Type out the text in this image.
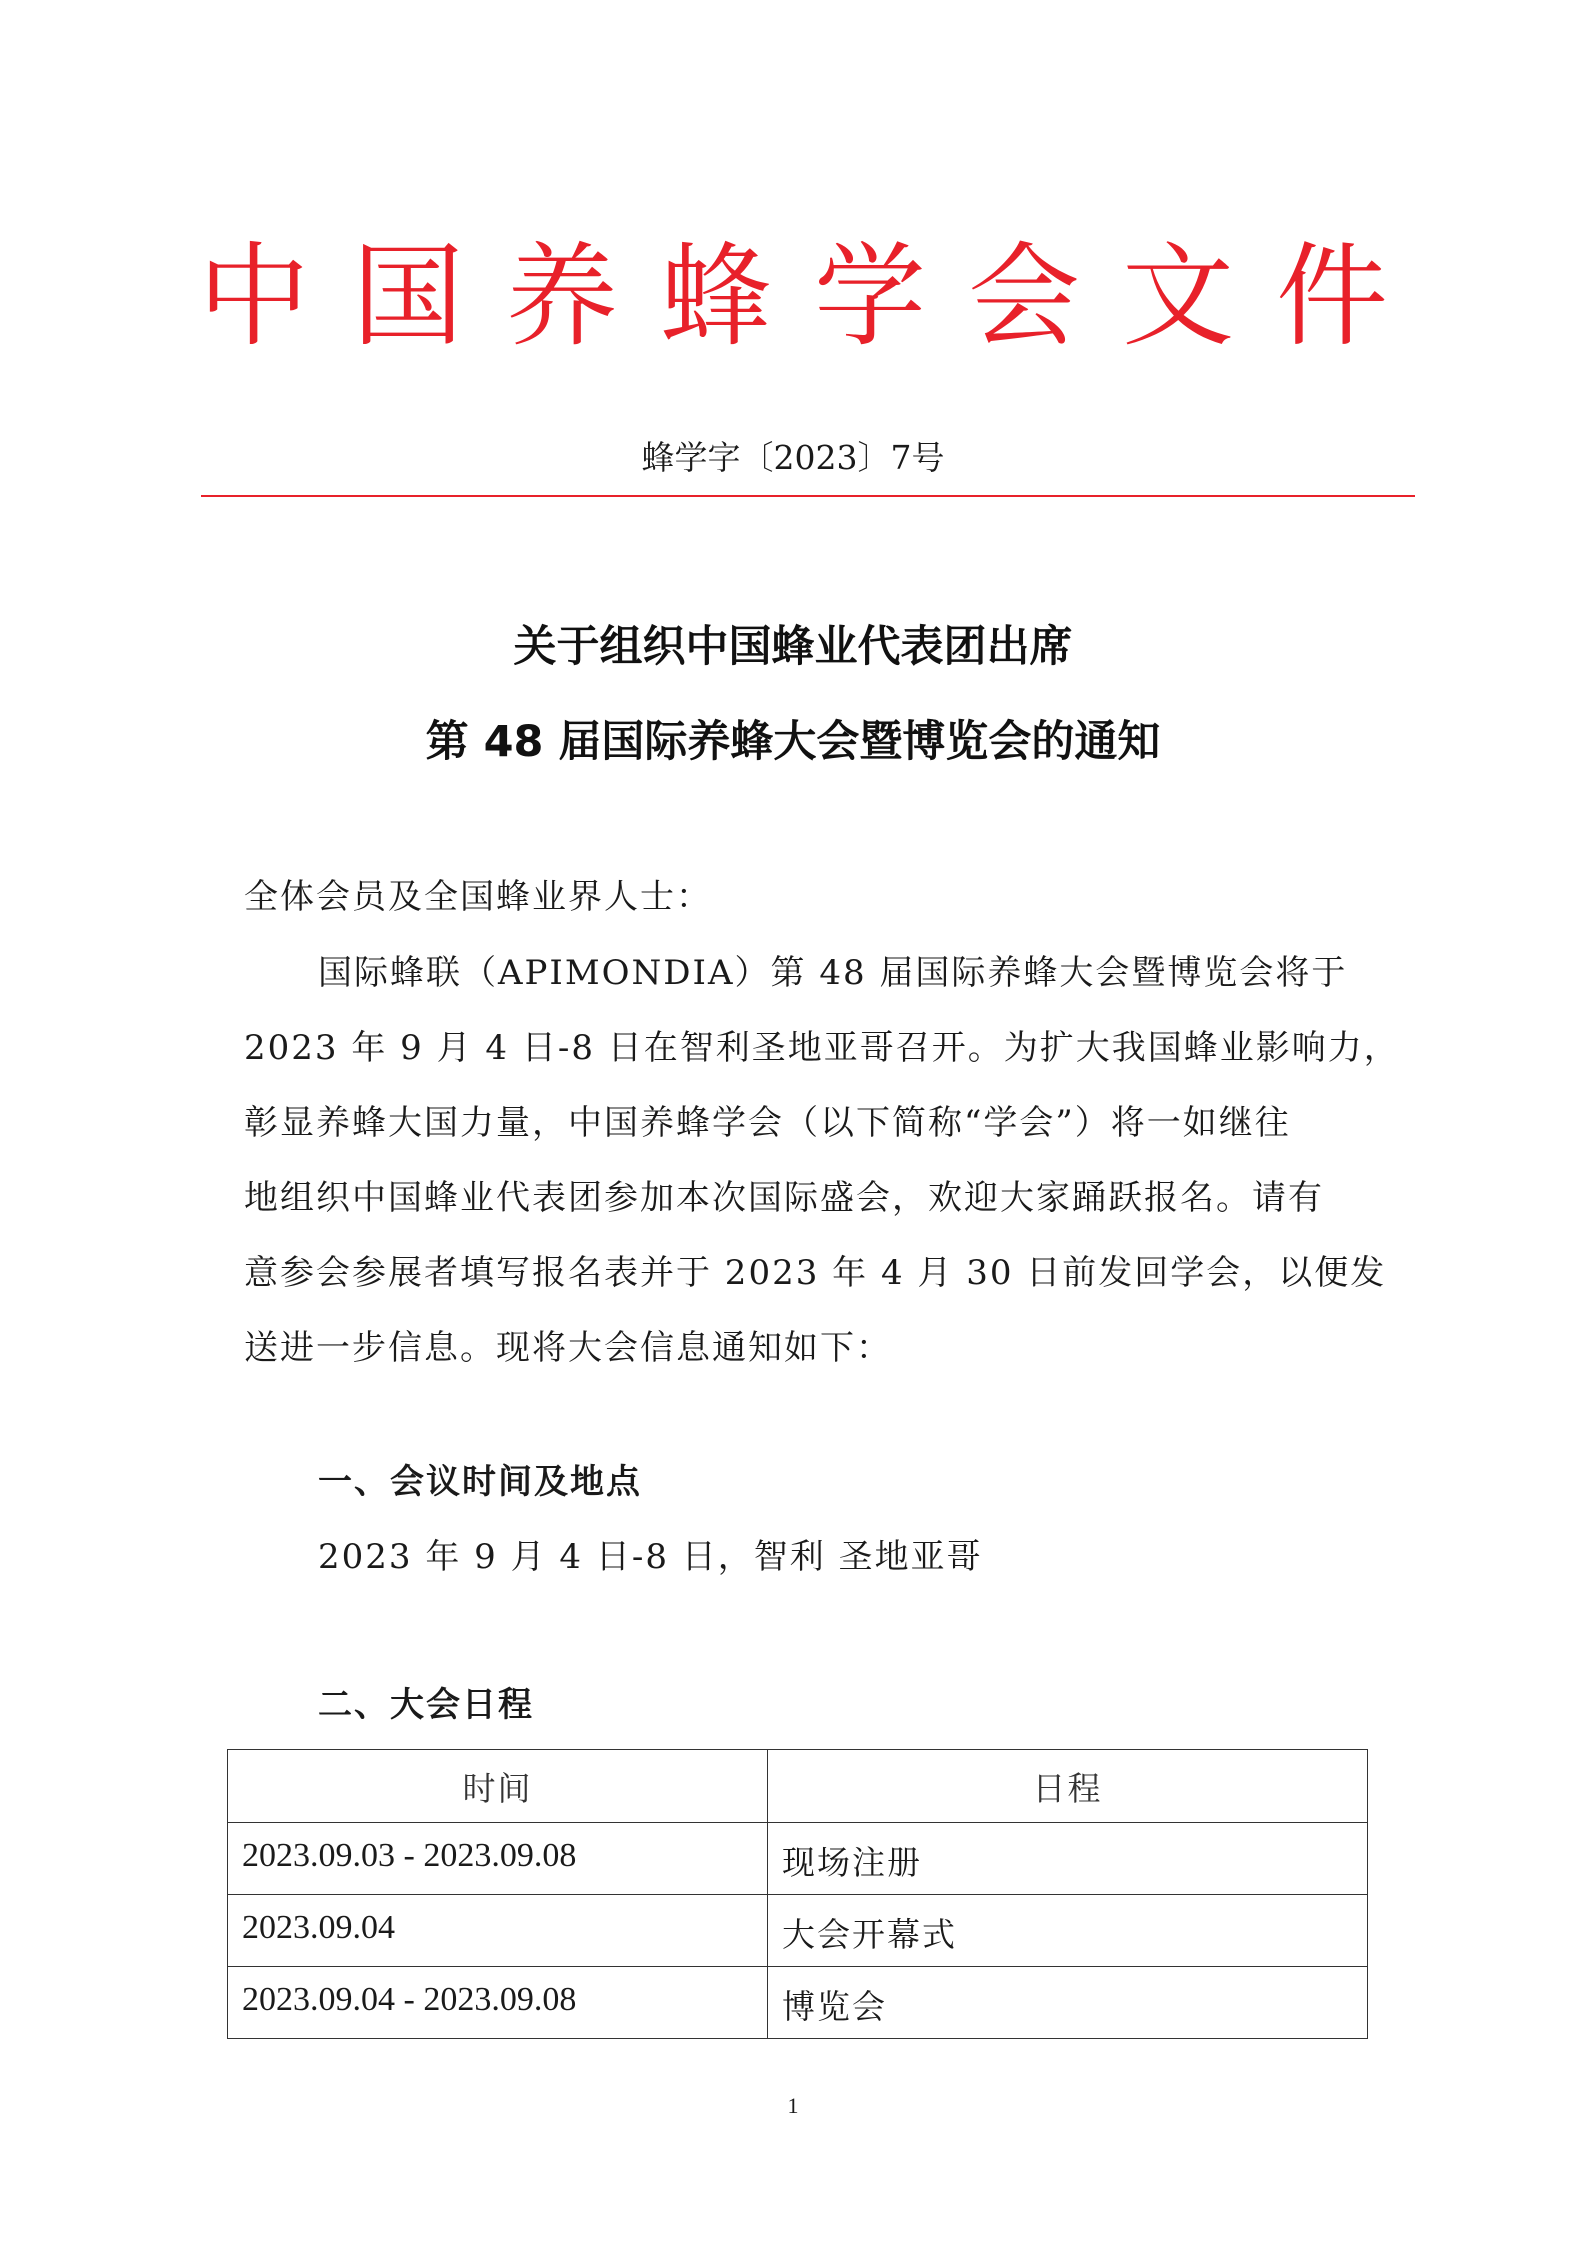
中国养蜂学会文件
蜂学字〔2023〕7号
关于组织中国蜂业代表团出席
第 48 届国际养蜂大会暨博览会的通知
全体会员及全国蜂业界人士：
国际蜂联（APIMONDIA）第 48 届国际养蜂大会暨博览会将于
2023 年 9 月 4 日-8 日在智利圣地亚哥召开。为扩大我国蜂业影响力，
彰显养蜂大国力量，中国养蜂学会（以下简称“学会”）将一如继往
地组织中国蜂业代表团参加本次国际盛会，欢迎大家踊跃报名。请有
意参会参展者填写报名表并于 2023 年 4 月 30 日前发回学会，以便发
送进一步信息。现将大会信息通知如下：
一、会议时间及地点
2023 年 9 月 4 日-8 日，智利 圣地亚哥
二、大会日程
时间	日程
2023.09.03 - 2023.09.08	现场注册
2023.09.04	大会开幕式
2023.09.04 - 2023.09.08	博览会
1
